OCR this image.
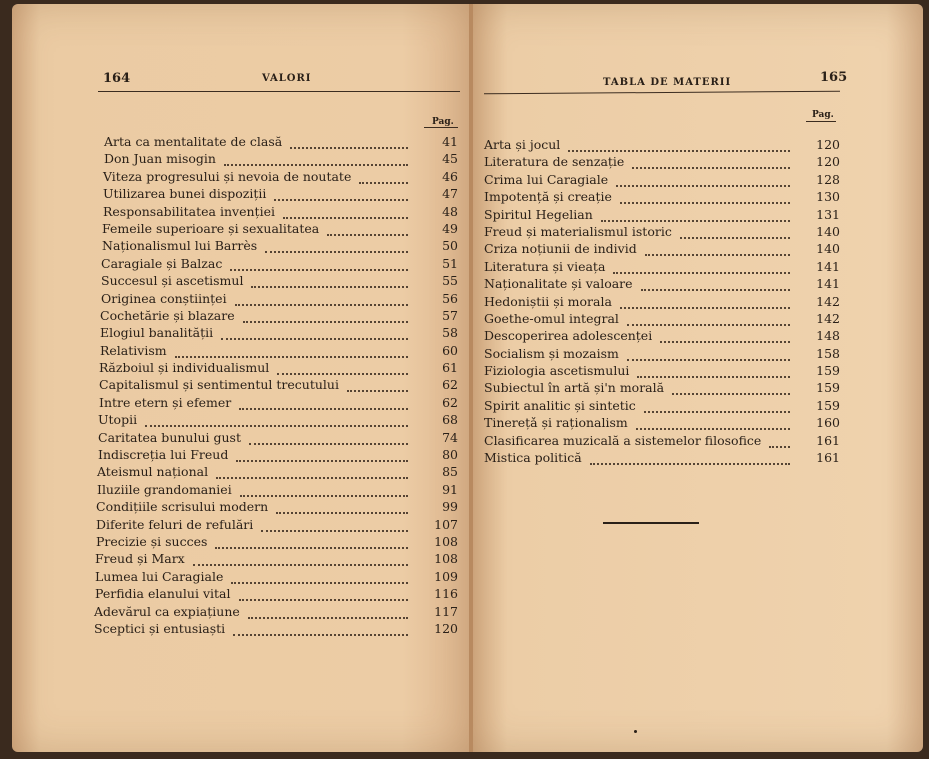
164	VALORI
Pag.
Arta ca mentalitate de clasă	41
Don Juan misogin	45
Viteza progresului și nevoia de noutate	46
Utilizarea bunei dispoziții	47
Responsabilitatea invenției	48
Femeile superioare și sexualitatea	49
Naționalismul lui Barrès	50
Caragiale și Balzac	51
Succesul și ascetismul	55
Originea conștiinței	56
Cochetărie și blazare	57
Elogiul banalității	58
Relativism	60
Războiul și individualismul	61
Capitalismul și sentimentul trecutului	62
Intre etern și efemer	62
Utopii	68
Caritatea bunului gust	74
Indiscreția lui Freud	80
Ateismul național	85
Iluziile grandomaniei	91
Condițiile scrisului modern	99
Diferite feluri de refulări	107
Precizie și succes	108
Freud și Marx	108
Lumea lui Caragiale	109
Perfidia elanului vital	116
Adevărul ca expiațiune	117
Sceptici și entusiaști	120
TABLA DE MATERII	165
Pag.
Arta și jocul	120
Literatura de senzație	120
Crima lui Caragiale	128
Impotență și creație	130
Spiritul Hegelian	131
Freud și materialismul istoric	140
Criza noțiunii de individ	140
Literatura și vieața	141
Naționalitate și valoare	141
Hedoniștii și morala	142
Goethe-omul integral	142
Descoperirea adolescenței	148
Socialism și mozaism	158
Fiziologia ascetismului	159
Subiectul în artă și'n morală	159
Spirit analitic și sintetic	159
Tinerețǎ și raționalism	160
Clasificarea muzicală a sistemelor filosofice	161
Mistica politică	161
